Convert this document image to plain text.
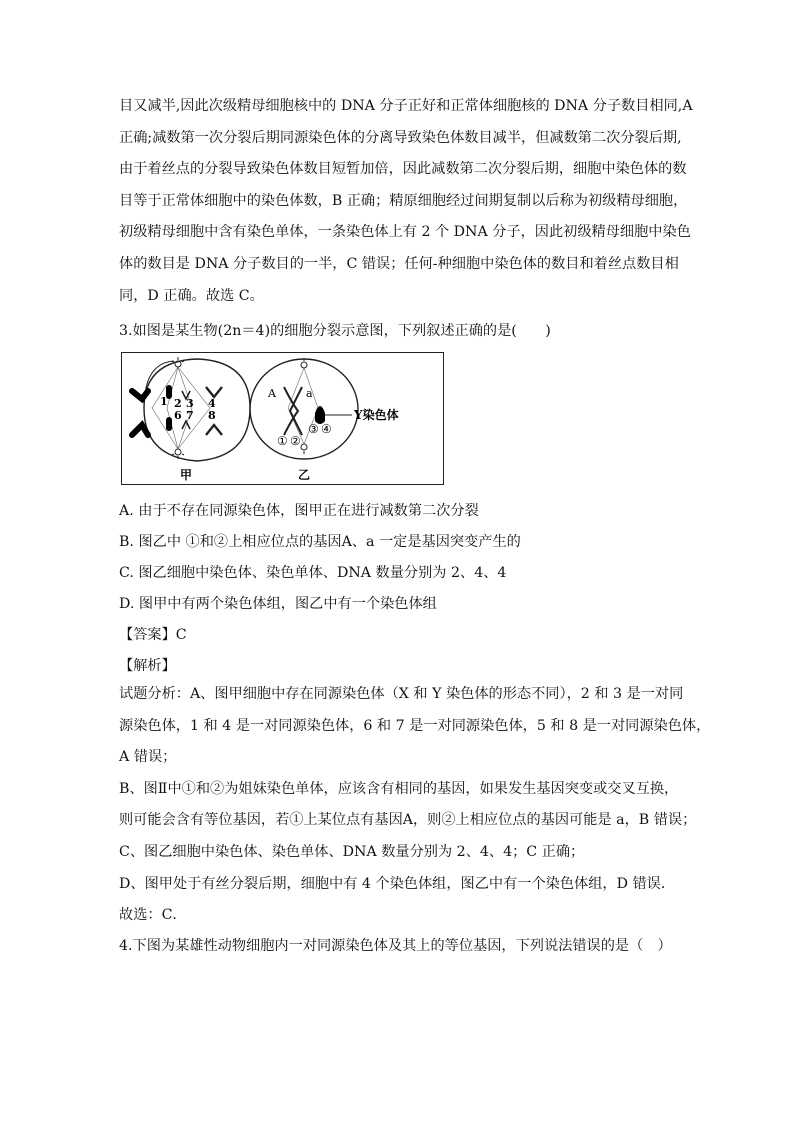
目又减半,因此次级精母细胞核中的 DNA 分子正好和正常体细胞核的 DNA 分子数目相同,A
正确;减数第一次分裂后期同源染色体的分离导致染色体数目减半，但减数第二次分裂后期,
由于着丝点的分裂导致染色体数目短暂加倍，因此减数第二次分裂后期，细胞中染色体的数
目等于正常体细胞中的染色体数，B 正确；精原细胞经过间期复制以后称为初级精母细胞，
初级精母细胞中含有染色单体，一条染色体上有 2 个 DNA 分子，因此初级精母细胞中染色
体的数目是 DNA 分子数目的一半，C 错误；任何-种细胞中染色体的数目和着丝点数目相
同，D 正确。故选 C。
3.如图是某生物(2n＝4)的细胞分裂示意图，下列叙述正确的是(　　)
5
1 2
6
3
7
4
8
甲
A	a
① ②
③ ④
Y染色体
乙
A. 由于不存在同源染色体，图甲正在进行减数第二次分裂
B. 图乙中 ①和②上相应位点的基因A、a 一定是基因突变产生的
C. 图乙细胞中染色体、染色单体、DNA 数量分别为 2、4、4
D. 图甲中有两个染色体组，图乙中有一个染色体组
【答案】C
【解析】
试题分析：A、图甲细胞中存在同源染色体（X 和 Y 染色体的形态不同），2 和 3 是一对同
源染色体，1 和 4 是一对同源染色体，6 和 7 是一对同源染色体，5 和 8 是一对同源染色体，
A 错误；
B、图Ⅱ中①和②为姐妹染色单体，应该含有相同的基因，如果发生基因突变或交叉互换，
则可能会含有等位基因，若①上某位点有基因A，则②上相应位点的基因可能是 a，B 错误；
C、图乙细胞中染色体、染色单体、DNA 数量分别为 2、4、4；C 正确；
D、图甲处于有丝分裂后期，细胞中有 4 个染色体组，图乙中有一个染色体组，D 错误．
故选：C．
4.下图为某雄性动物细胞内一对同源染色体及其上的等位基因，下列说法错误的是（　）
